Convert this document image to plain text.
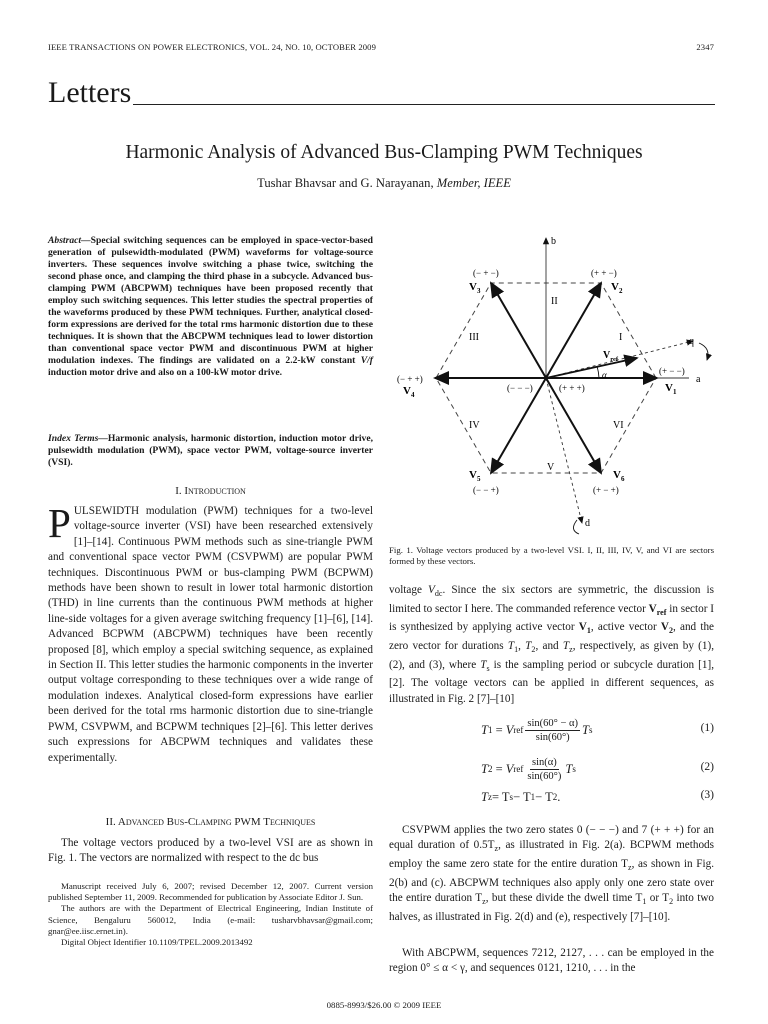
IEEE TRANSACTIONS ON POWER ELECTRONICS, VOL. 24, NO. 10, OCTOBER 2009	2347
Letters
Harmonic Analysis of Advanced Bus-Clamping PWM Techniques
Tushar Bhavsar and G. Narayanan, Member, IEEE
Abstract—Special switching sequences can be employed in space-vector-based generation of pulsewidth-modulated (PWM) waveforms for voltage-source inverters. These sequences involve switching a phase twice, switching the second phase once, and clamping the third phase in a subcycle. Advanced bus-clamping PWM (ABCPWM) techniques have been proposed recently that employ such switching sequences. This letter studies the spectral properties of the waveforms produced by these PWM techniques. Further, analytical closed-form expressions are derived for the total rms harmonic distortion due to these techniques. It is shown that the ABCPWM techniques lead to lower distortion than conventional space vector PWM and discontinuous PWM at higher modulation indexes. The findings are validated on a 2.2-kW constant V/f induction motor drive and also on a 100-kW motor drive.
Index Terms—Harmonic analysis, harmonic distortion, induction motor drive, pulsewidth modulation (PWM), space vector PWM, voltage-source inverter (VSI).
I. Introduction
PULSEWIDTH modulation (PWM) techniques for a two-level voltage-source inverter (VSI) have been researched extensively [1]–[14]. Continuous PWM methods such as sine-triangle PWM and conventional space vector PWM (CSVPWM) are popular PWM techniques. Discontinuous PWM or bus-clamping PWM (BCPWM) methods have been shown to result in lower total harmonic distortion (THD) in line currents than the continuous PWM methods at higher line-side voltages for a given average switching frequency [1]–[6], [14]. Advanced BCPWM (ABCPWM) techniques have been recently proposed [8], which employ a special switching sequence, as explained in Section II. This letter studies the harmonic components in the inverter output voltage corresponding to these techniques over a wide range of modulation indexes. Analytical closed-form expressions have earlier been derived for the total rms harmonic distortion due to sine-triangle PWM, CSVPWM, and BCPWM techniques [2]–[6]. This letter derives such expressions for ABCPWM techniques and validates these experimentally.
II. Advanced Bus-Clamping PWM Techniques
The voltage vectors produced by a two-level VSI are as shown in Fig. 1. The vectors are normalized with respect to the dc bus

Manuscript received July 6, 2007; revised December 12, 2007. Current version published September 11, 2009. Recommended for publication by Associate Editor J. Sun.

The authors are with the Department of Electrical Engineering, Indian Institute of Science, Bengaluru 560012, India (e-mail: tusharvbhavsar@gmail.com; gnar@ee.iisc.ernet.in).

Digital Object Identifier 10.1109/TPEL.2009.2013492

b
a
d
q
I
II
III
IV
V
VI
$V_1$
$V_2$
$V_3$
$V_4$
$V_5$	$V_6$
(+ − −)
(+ + −)
(− + −)
(− + +)
(− − +)	(+ − +)
(− − −)	(+ + +)
$V_{ref}$
α
Fig. 1. Voltage vectors produced by a two-level VSI. I, II, III, IV, V, and VI are sectors formed by these vectors.
voltage $V_{dc}$. Since the six sectors are symmetric, the discussion is limited to sector I here. The commanded reference vector $V_{ref}$ in sector I is synthesized by applying active vector $V_1$, active vector $V_2$, and the zero vector for durations $T_1$, $T_2$, and $T_z$, respectively, as given by (1), (2), and (3), where $T_s$ is the sampling period or subcycle duration [1], [2]. The voltage vectors can be applied in different sequences, as illustrated in Fig. 2 [7]–[10]
T 1 = V ref $\frac{\sin(60^\circ - \alpha)}{\sin(60^\circ)}$ T s	(1)
T 2 = V ref $\frac{\sin(\alpha)}{\sin(60^\circ)}$ T s	(2)
T z = T s − T 1 − T 2 .	(3)
CSVPWM applies the two zero states 0 (− − −) and 7 (+ + +) for an equal duration of $0.5T_z$, as illustrated in Fig. 2(a). BCPWM methods employ the same zero state for the entire duration $T_z$, as shown in Fig. 2(b) and (c). ABCPWM techniques also apply only one zero state over the entire duration $T_z$, but these divide the dwell time $T_1$ or $T_2$ into two halves, as illustrated in Fig. 2(d) and (e), respectively [7]–[10].
With ABCPWM, sequences 7212, 2127, . . . can be employed in the region 0° ≤ α < γ, and sequences 0121, 1210, . . . in the
0885-8993/$26.00 © 2009 IEEE
